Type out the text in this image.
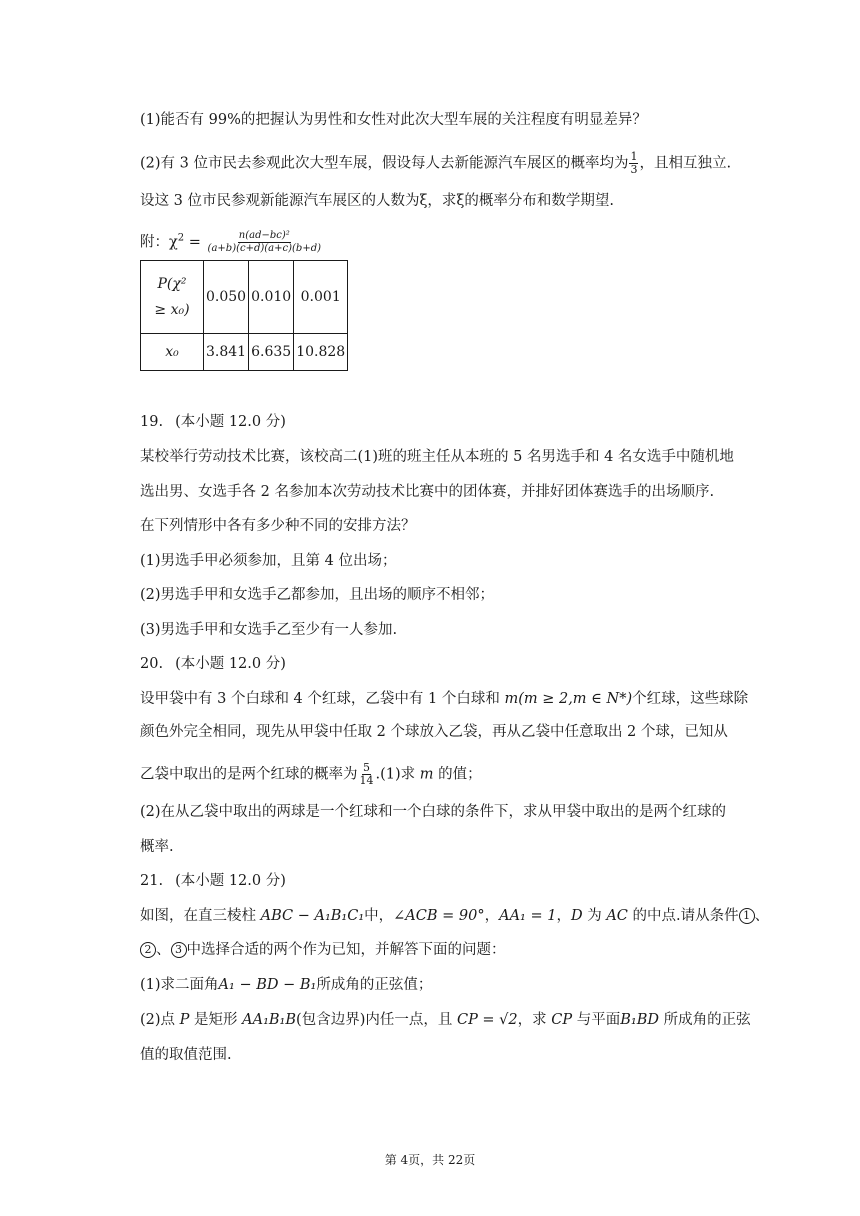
(1)能否有 99%的把握认为男性和女性对此次大型车展的关注程度有明显差异？
(2)有 3 位市民去参观此次大型车展，假设每人去新能源汽车展区的概率均为 $\frac{1}{3}$ ，且相互独立.
设这 3 位市民参观新能源汽车展区的人数为ξ，求ξ的概率分布和数学期望.
附：$\chi^2 = \frac{\text{n(ad−bc)²}}{(a+b)(c+d)(a+c)(b+d)}$
P(χ²
≥ x₀)	0.050	0.010	0.001
x₀	3.841	6.635	10.828
19. (本小题 12.0 分)
某校举行劳动技术比赛，该校高二(1)班的班主任从本班的 5 名男选手和 4 名女选手中随机地
选出男、女选手各 2 名参加本次劳动技术比赛中的团体赛，并排好团体赛选手的出场顺序.
在下列情形中各有多少种不同的安排方法？
(1)男选手甲必须参加，且第 4 位出场；
(2)男选手甲和女选手乙都参加，且出场的顺序不相邻；
(3)男选手甲和女选手乙至少有一人参加.
20. (本小题 12.0 分)
设甲袋中有 3 个白球和 4 个红球，乙袋中有 1 个白球和 m(m ≥ 2,m ∈ N*)个红球，这些球除
颜色外完全相同，现先从甲袋中任取 2 个球放入乙袋，再从乙袋中任意取出 2 个球，已知从
乙袋中取出的是两个红球的概率为 $\frac{5}{14} .(1)$求 m 的值；
(2)在从乙袋中取出的两球是一个红球和一个白球的条件下，求从甲袋中取出的是两个红球的
概率.
21. (本小题 12.0 分)
如图，在直三棱柱 ABC − A₁B₁C₁中，∠ACB = 90°，AA₁ = 1，D 为 AC 的中点.请从条件 1 、
2 、 3 中选择合适的两个作为已知，并解答下面的问题：
(1)求二面角A₁ − BD − B₁所成角的正弦值；
(2)点 P 是矩形 AA₁B₁B(包含边界)内任一点，且 CP = √2，求 CP 与平面B₁BD 所成角的正弦
值的取值范围.
第 4页，共 22页
